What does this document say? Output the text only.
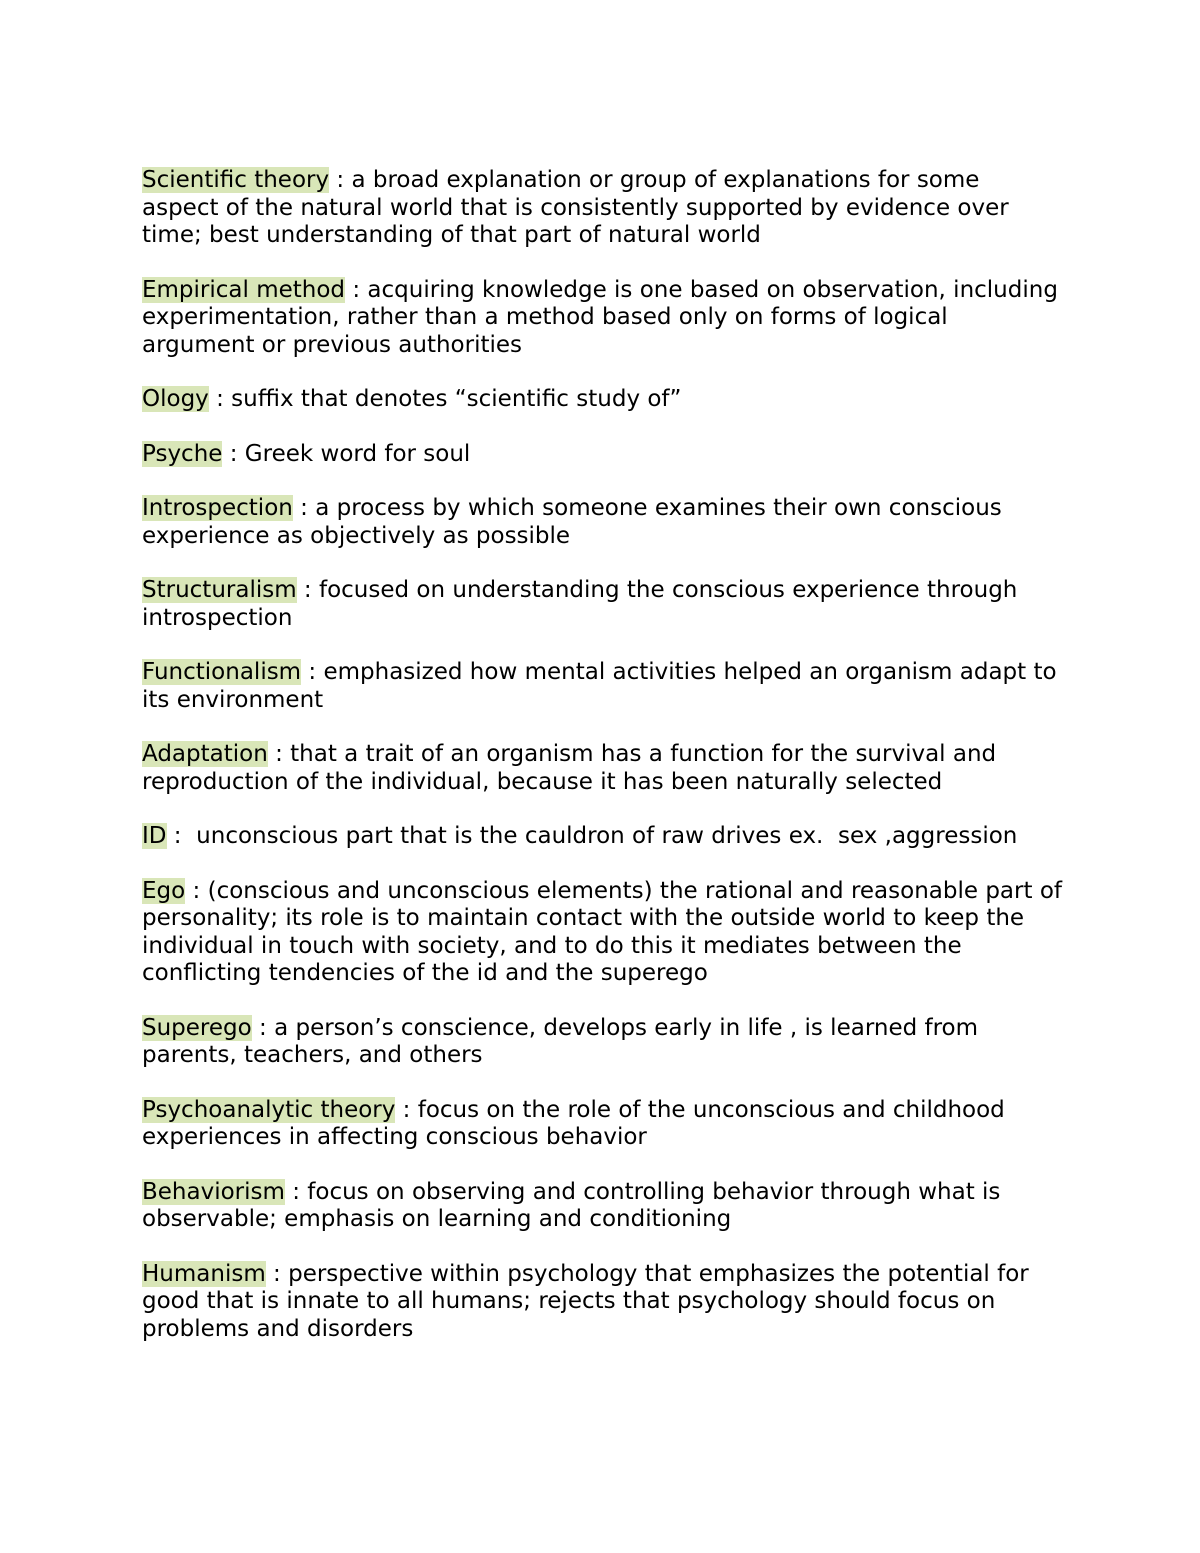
Scientific theory : a broad explanation or group of explanations for some aspect of the natural world that is consistently supported by evidence over time; best understanding of that part of natural world

Empirical method : acquiring knowledge is one based on observation, including experimentation, rather than a method based only on forms of logical argument or previous authorities

Ology : suffix that denotes “scientific study of”

Psyche : Greek word for soul

Introspection : a process by which someone examines their own conscious experience as objectively as possible

Structuralism : focused on understanding the conscious experience through introspection

Functionalism : emphasized how mental activities helped an organism adapt to its environment

Adaptation : that a trait of an organism has a function for the survival and reproduction of the individual, because it has been naturally selected

ID :  unconscious part that is the cauldron of raw drives ex.  sex ,aggression

Ego : (conscious and unconscious elements) the rational and reasonable part of personality; its role is to maintain contact with the outside world to keep the individual in touch with society, and to do this it mediates between the conflicting tendencies of the id and the superego

Superego : a person’s conscience, develops early in life , is learned from parents, teachers, and others

Psychoanalytic theory : focus on the role of the unconscious and childhood experiences in affecting conscious behavior

Behaviorism : focus on observing and controlling behavior through what is observable; emphasis on learning and conditioning

Humanism : perspective within psychology that emphasizes the potential for good that is innate to all humans; rejects that psychology should focus on problems and disorders
